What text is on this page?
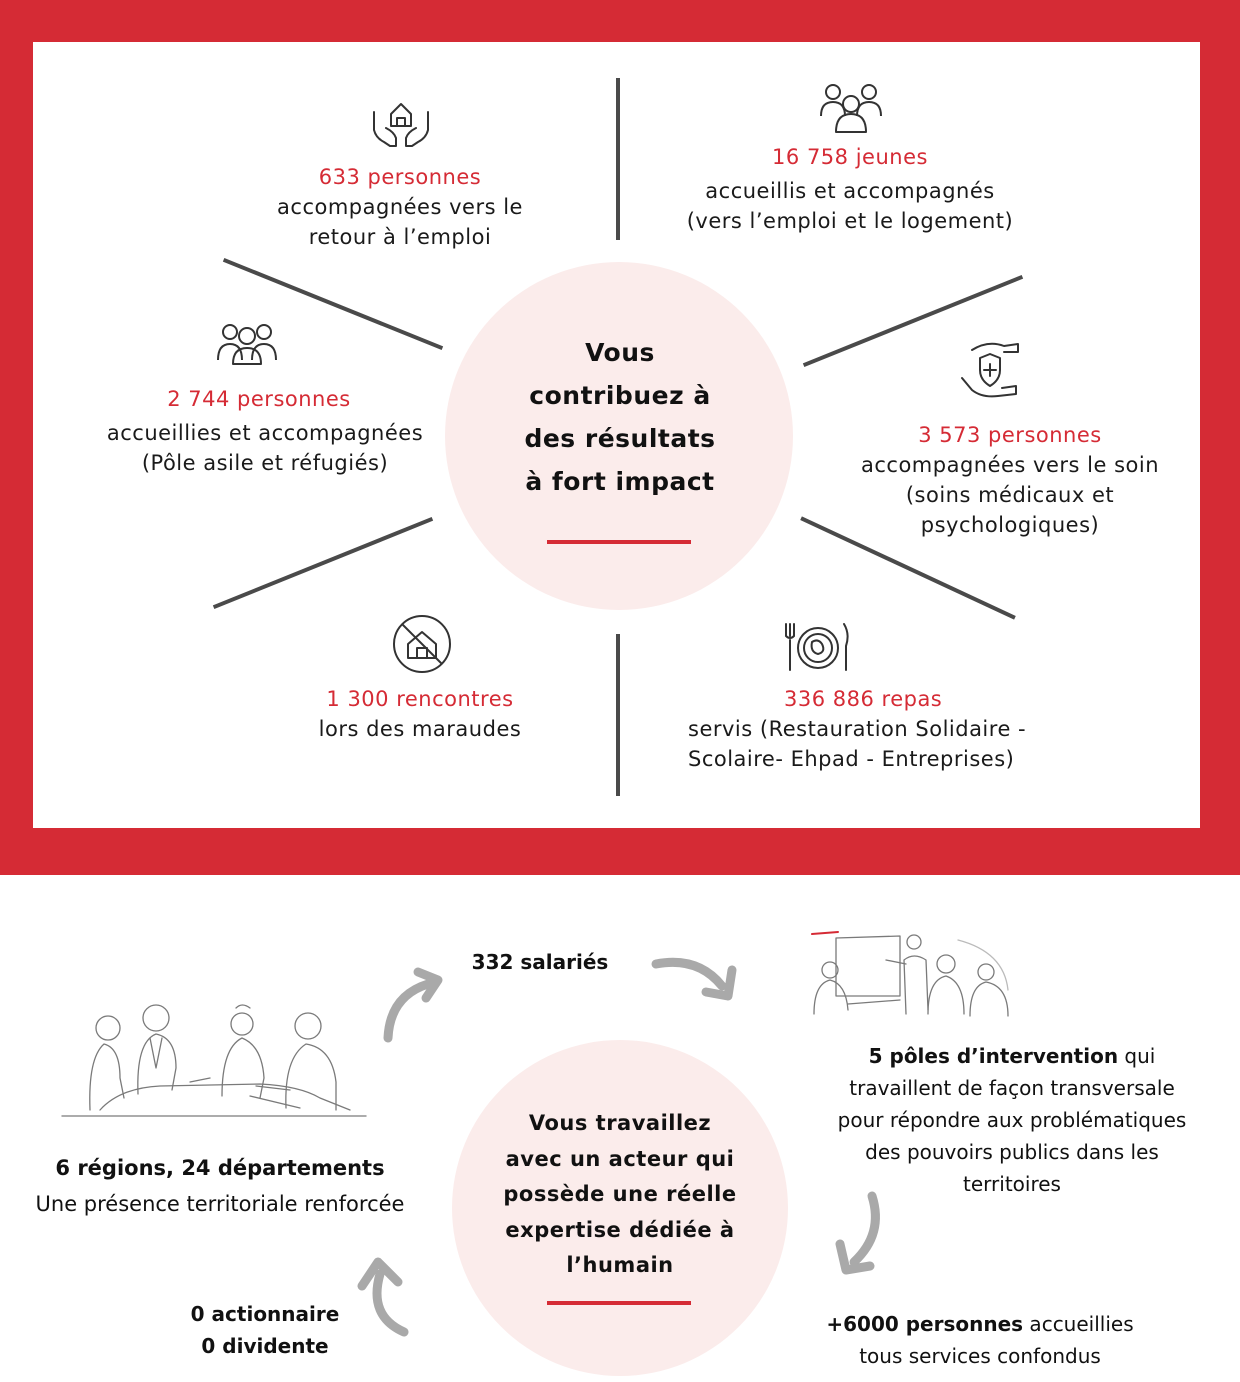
Vous
contribuez à
des résultats
à fort impact
633 personnes
accompagnées vers le
retour à l’emploi
16 758 jeunes
accueillis et accompagnés
(vers l’emploi et le logement)
2 744 personnes
accueillies et accompagnées
(Pôle asile et réfugiés)
3 573 personnes
accompagnées vers le soin
(soins médicaux et
psychologiques)
1 300 rencontres
lors des maraudes
336 886 repas
servis (Restauration Solidaire -
Scolaire- Ehpad - Entreprises)
Vous travaillez
avec un acteur qui
possède une réelle
expertise dédiée à
l’humain
332 salariés
5 pôles d’intervention qui
travaillent de façon transversale
pour répondre aux problématiques
des pouvoirs publics dans les
territoires
+6000 personnes accueillies
tous services confondus
6 régions, 24 départements
Une présence territoriale renforcée
0 actionnaire
0 dividente
